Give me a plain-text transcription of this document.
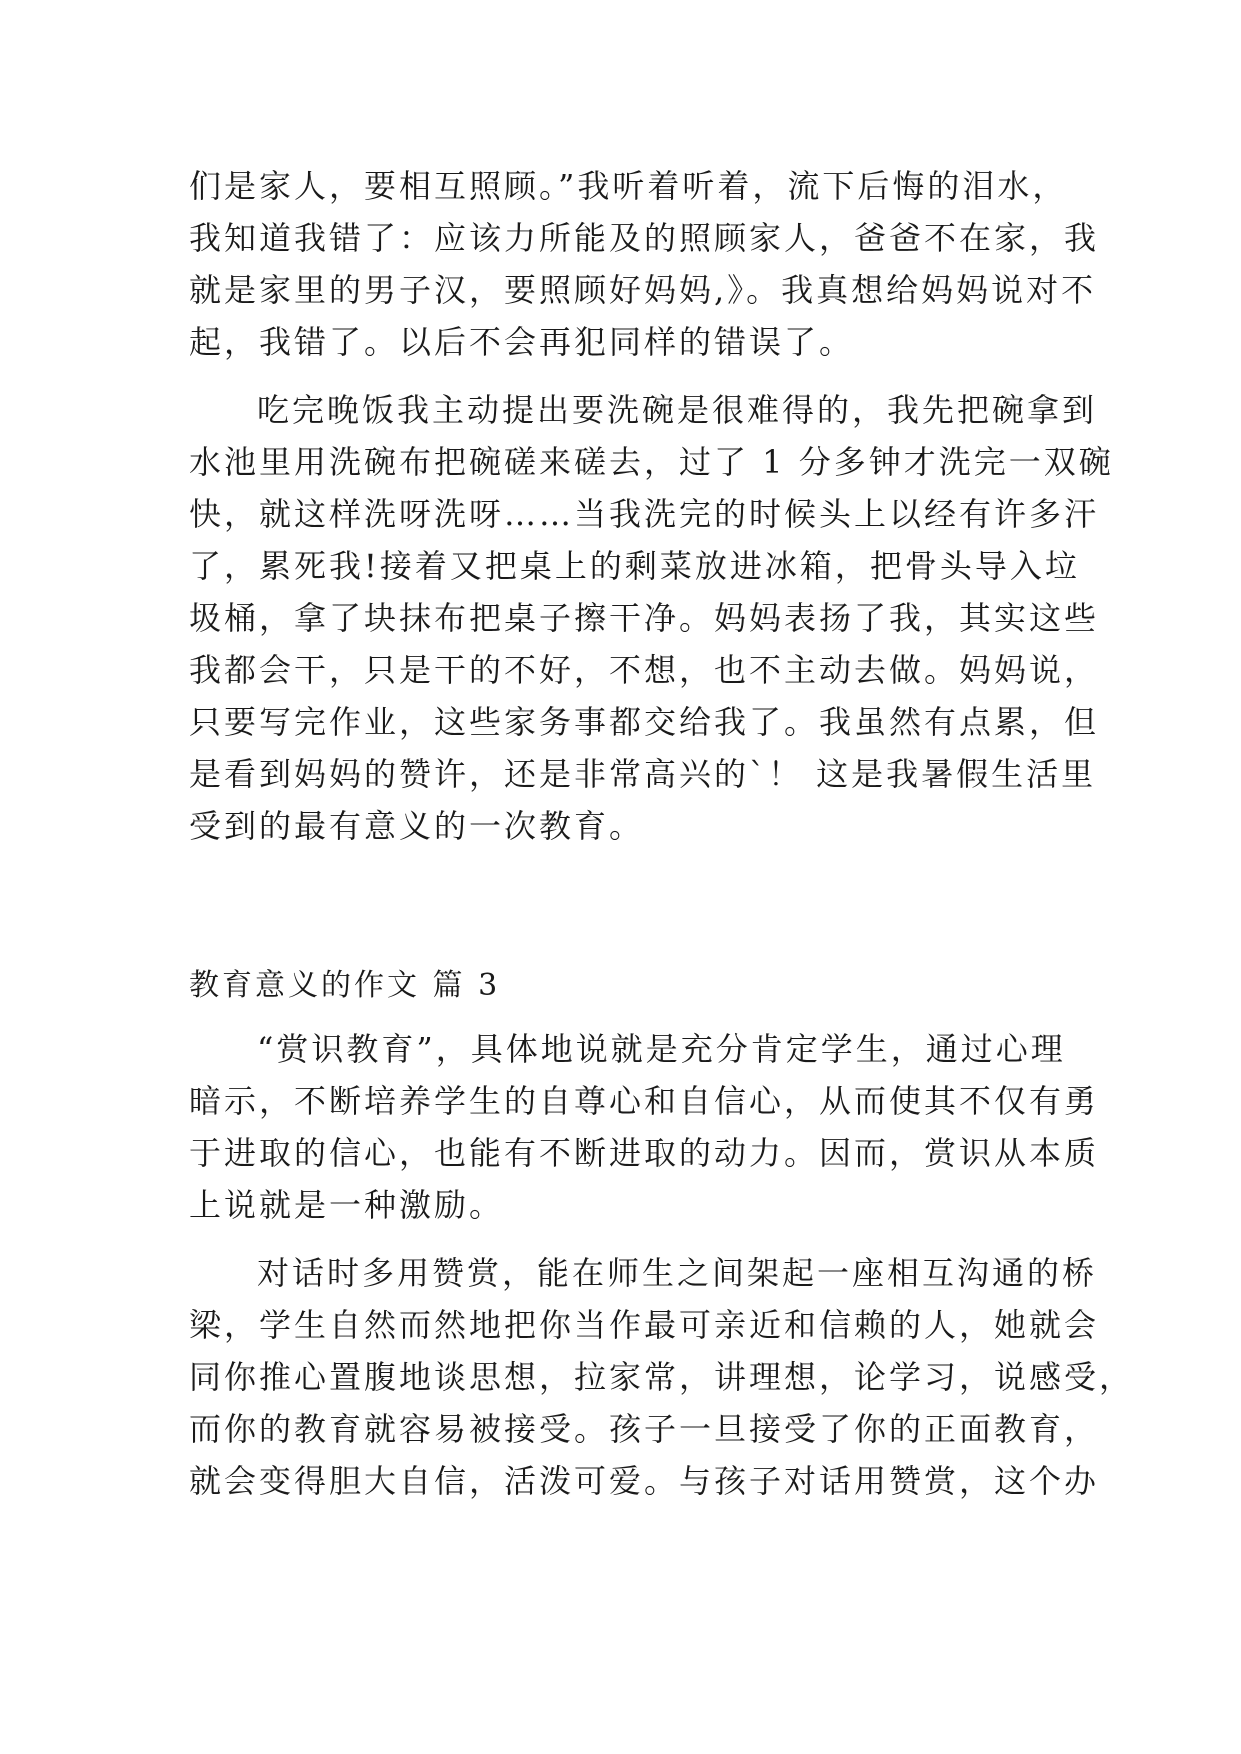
们是家人，要相互照顾。”我听着听着，流下后悔的泪水，
我知道我错了：应该力所能及的照顾家人，爸爸不在家，我
就是家里的男子汉，要照顾好妈妈,》。我真想给妈妈说对不
起，我错了。以后不会再犯同样的错误了。
吃完晚饭我主动提出要洗碗是很难得的，我先把碗拿到
水池里用洗碗布把碗磋来磋去，过了 1 分多钟才洗完一双碗
快，就这样洗呀洗呀……当我洗完的时候头上以经有许多汗
了，累死我!接着又把桌上的剩菜放进冰箱，把骨头导入垃
圾桶，拿了块抹布把桌子擦干净。妈妈表扬了我，其实这些
我都会干，只是干的不好，不想，也不主动去做。妈妈说，
只要写完作业，这些家务事都交给我了。我虽然有点累，但
是看到妈妈的赞许，还是非常高兴的`！ 这是我暑假生活里
受到的最有意义的一次教育。
教育意义的作文 篇 3
“赏识教育”，具体地说就是充分肯定学生，通过心理
暗示，不断培养学生的自尊心和自信心，从而使其不仅有勇
于进取的信心，也能有不断进取的动力。因而，赏识从本质
上说就是一种激励。
对话时多用赞赏，能在师生之间架起一座相互沟通的桥
梁，学生自然而然地把你当作最可亲近和信赖的人，她就会
同你推心置腹地谈思想，拉家常，讲理想，论学习，说感受，
而你的教育就容易被接受。孩子一旦接受了你的正面教育，
就会变得胆大自信，活泼可爱。与孩子对话用赞赏，这个办
